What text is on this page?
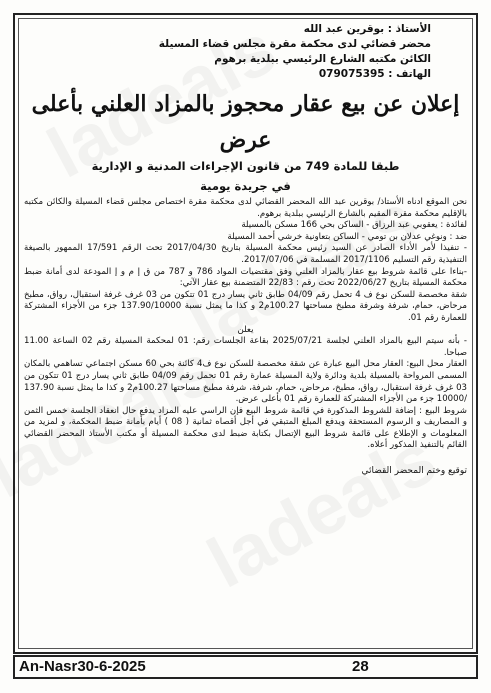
الأستاذ : بوقرين عبد الله
محضر قضائي لدى محكمة مقرة مجلس قضاء المسيلة
الكائن مكتبه الشارع الرئيسي ببلدية برهوم
الهاتف : 079075395
إعلان عن بيع عقار محجوز بالمزاد العلني بأعلى
عرض
طبقا للمادة 749 من قانون الإجراءات المدنية و الإدارية
في جريدة يومية

نحن الموقع ادناه الأستاذ/ بوقرين عبد الله المحضر القضائي لدى محكمة مقرة اختصاص مجلس قضاء المسيلة والكائن مكتبه بالإقليم محكمة مقرة المقيم بالشارع الرئيسي ببلدية برهوم.

لفائدة : يعقوبي عبد الرزاق - الساكن بحي 166 مسكن بالمسيلة

ضد : ونوغي عدلان بن تومي - الساكن بتعاونية خرشي أحمد المسيلة

- تنفيذا لأمر الأداء الصادر عن السيد رئيس محكمة المسيلة بتاريخ 2017/04/30 تحت الرقم 17/591 الممهور بالصيغة التنفيذية رقم التسليم 2017/1106 المسلمة في 2017/07/06.

-بناءا على قائمة شروط بيع عقار بالمزاد العلني وفق مقتضيات المواد 786 و 787 من ق إ م و إ المودعة لدى أمانة ضبط محكمة المسيلة بتاريخ 2022/06/27 تحت رقم : 22/83 المتضمنة بيع عقار الآتي:

شقة مخصصة للسكن نوع ف 4 تحمل رقم 04/09 طابق ثاني يسار درج 01 تتكون من 03 غرف غرفة استقبال، رواق، مطبخ مرحاض، حمام، شرفة وشرفة مطبخ مساحتها 100.27م2 و كذا ما يمثل نسبة 137.90/10000 جزء من الأجزاء المشتركة للعمارة رقم 01.

يعلن

- بأنه سيتم البيع بالمزاد العلني لجلسة 2025/07/21 بقاعة الجلسات رقم: 01 لمحكمة المسيلة رقم 02 الساعة 11.00 صباحا.

العقار محل البيع: العقار محل البيع عبارة عن شقة مخصصة للسكن نوع ف4 كائنة بحي 60 مسكن اجتماعي تساهمي بالمكان المسمى المرواحة بالمسيلة بلدية ودائرة ولاية المسيلة عمارة رقم 01 تحمل رقم 04/09 طابق ثاني يسار درج 01 تتكون من 03 غرف غرفة استقبال، رواق، مطبخ، مرحاض، حمام، شرفة، شرفة مطبخ مساحتها 100.27م2 و كذا ما يمثل نسبة 137.90 /10000 جزء من الأجزاء المشتركة للعمارة رقم 01 بأعلى عرض.

شروط البيع : إضافة للشروط المذكورة في قائمة شروط البيع فإن الراسي عليه المزاد يدفع حال انعقاد الجلسة خمس الثمن و المصاريف و الرسوم المستحقة ويدفع المبلغ المتبقي في أجل أقصاه ثمانية ( 08 ) أيام بأمانة ضبط المحكمة، و لمزيد من المعلومات و الإطلاع على قائمة شروط البيع الإتصال بكتابة ضبط لدى محكمة المسيلة أو مكتب الأستاذ المحضر القضائي القائم بالتنفيذ المذكور أعلاه.

توقيع وختم المحضر القضائي
An-Nasr30-6-2025	28
